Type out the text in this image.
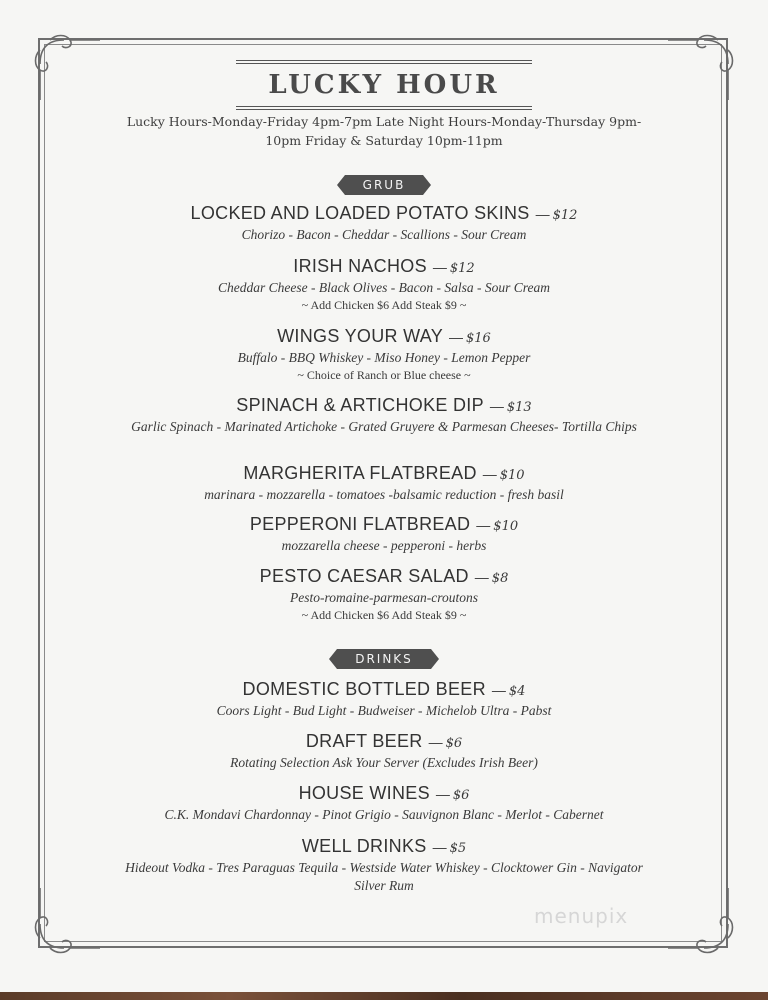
LUCKY HOUR
Lucky Hours-Monday-Friday 4pm-7pm Late Night Hours-Monday-Thursday 9pm-10pm Friday & Saturday 10pm-11pm
GRUB
LOCKED AND LOADED POTATO SKINS — $12
Chorizo - Bacon - Cheddar - Scallions - Sour Cream
IRISH NACHOS — $12
Cheddar Cheese - Black Olives - Bacon - Salsa - Sour Cream
~ Add Chicken $6 Add Steak $9 ~
WINGS YOUR WAY — $16
Buffalo - BBQ Whiskey - Miso Honey - Lemon Pepper
~ Choice of Ranch or Blue cheese ~
SPINACH & ARTICHOKE DIP — $13
Garlic Spinach - Marinated Artichoke - Grated Gruyere & Parmesan Cheeses- Tortilla Chips
MARGHERITA FLATBREAD — $10
marinara - mozzarella - tomatoes -balsamic reduction - fresh basil
PEPPERONI FLATBREAD — $10
mozzarella cheese - pepperoni - herbs
PESTO CAESAR SALAD — $8
Pesto-romaine-parmesan-croutons
~ Add Chicken $6 Add Steak $9 ~
DRINKS
DOMESTIC BOTTLED BEER — $4
Coors Light - Bud Light - Budweiser - Michelob Ultra - Pabst
DRAFT BEER — $6
Rotating Selection Ask Your Server (Excludes Irish Beer)
HOUSE WINES — $6
C.K. Mondavi Chardonnay - Pinot Grigio - Sauvignon Blanc - Merlot - Cabernet
WELL DRINKS — $5
Hideout Vodka - Tres Paraguas Tequila - Westside Water Whiskey - Clocktower Gin - Navigator Silver Rum
menupix
